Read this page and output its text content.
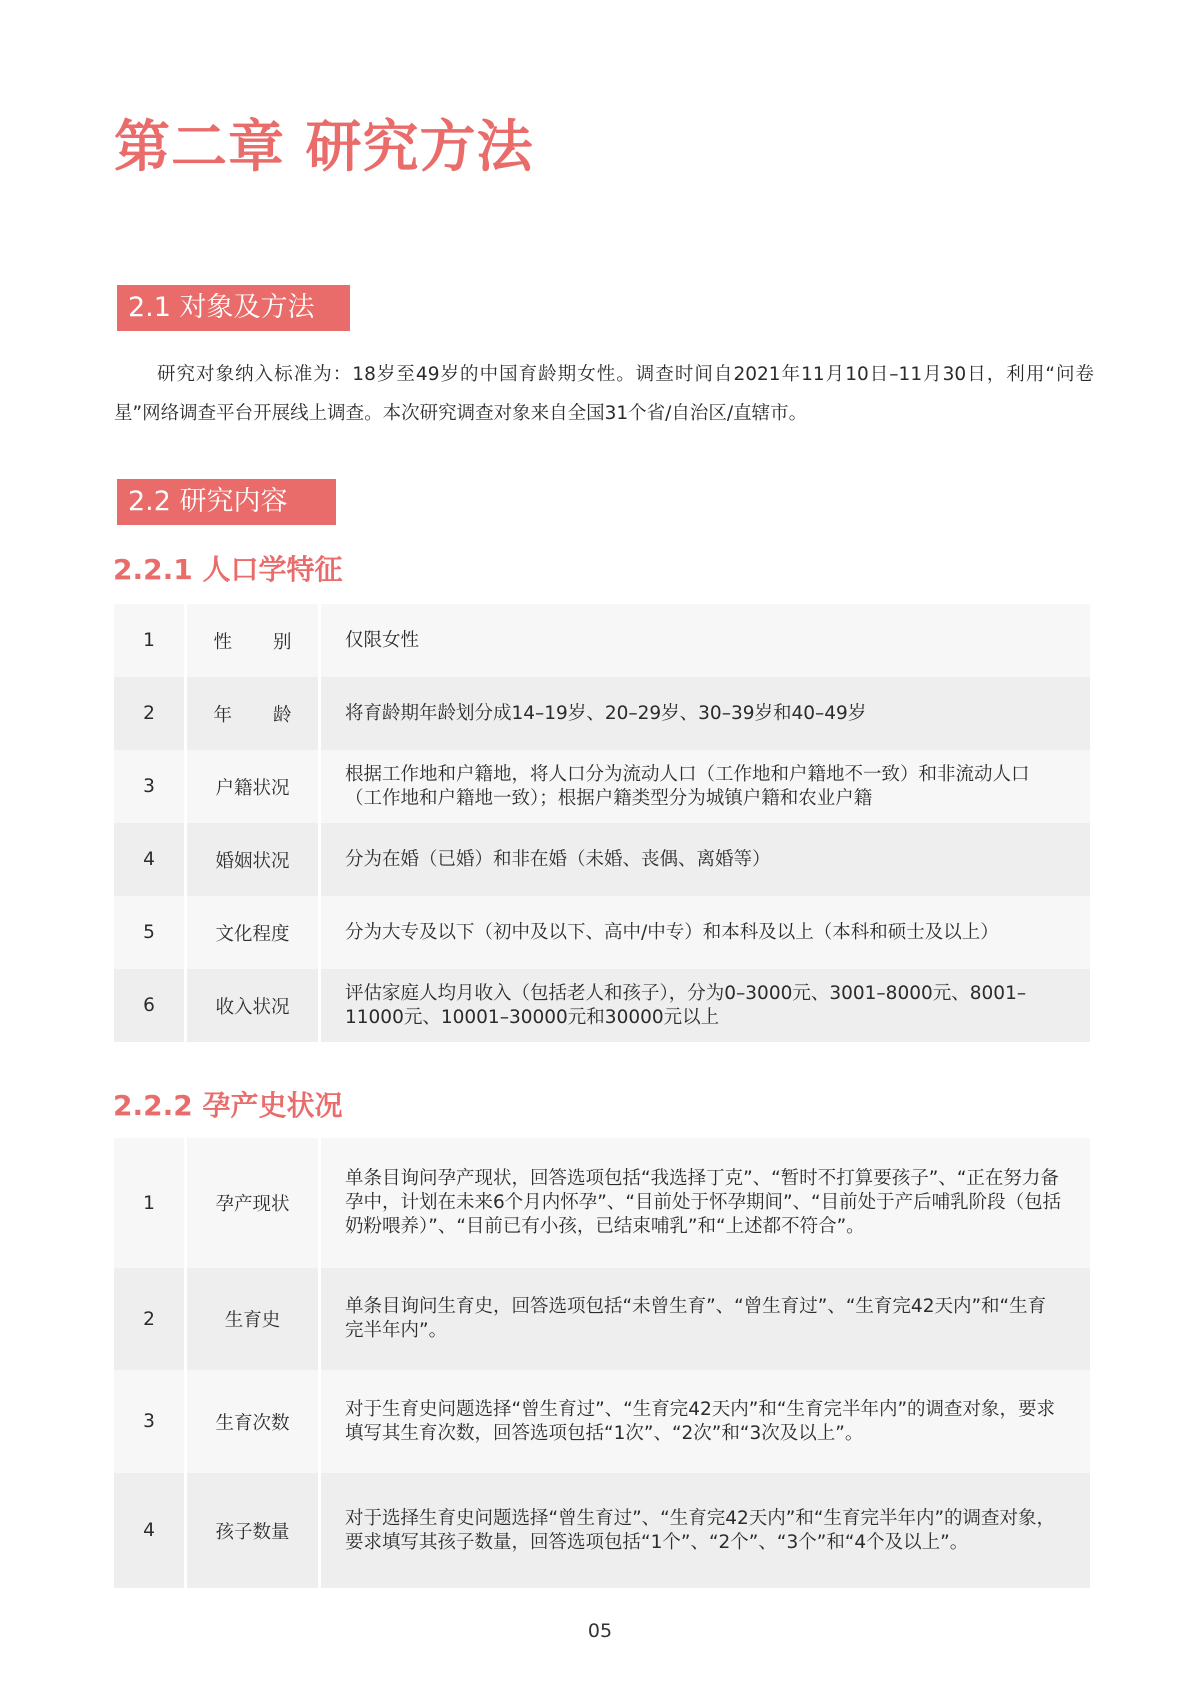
第二章 研究方法
2.1 对象及方法

研究对象纳入标准为：18岁至49岁的中国育龄期女性。调查时间自2021年11月10日–11月30日，利用“问卷星”网络调查平台开展线上调查。本次研究调查对象来自全国31个省/自治区/直辖市。

2.2 研究内容
2.2.1 人口学特征
1	性 别	仅限女性
2	年 龄	将育龄期年龄划分成14–19岁、20–29岁、30–39岁和40–49岁
3	户籍状况	根据工作地和户籍地，将人口分为流动人口（工作地和户籍地不一致）和非流动人口（工作地和户籍地一致）；根据户籍类型分为城镇户籍和农业户籍
4	婚姻状况	分为在婚（已婚）和非在婚（未婚、丧偶、离婚等）
5	文化程度	分为大专及以下（初中及以下、高中/中专）和本科及以上（本科和硕士及以上）
6	收入状况	评估家庭人均月收入（包括老人和孩子），分为0–3000元、3001–8000元、8001–11000元、10001–30000元和30000元以上
2.2.2 孕产史状况
1	孕产现状	单条目询问孕产现状，回答选项包括“我选择丁克”、“暂时不打算要孩子”、“正在努力备孕中，计划在未来6个月内怀孕”、“目前处于怀孕期间”、“目前处于产后哺乳阶段（包括奶粉喂养）”、“目前已有小孩，已结束哺乳”和“上述都不符合”。
2	生育史	单条目询问生育史，回答选项包括“未曾生育”、“曾生育过”、“生育完42天内”和“生育完半年内”。
3	生育次数	对于生育史问题选择“曾生育过”、“生育完42天内”和“生育完半年内”的调查对象，要求填写其生育次数，回答选项包括“1次”、“2次”和“3次及以上”。
4	孩子数量	对于选择生育史问题选择“曾生育过”、“生育完42天内”和“生育完半年内”的调查对象，要求填写其孩子数量，回答选项包括“1个”、“2个”、“3个”和“4个及以上”。
05
